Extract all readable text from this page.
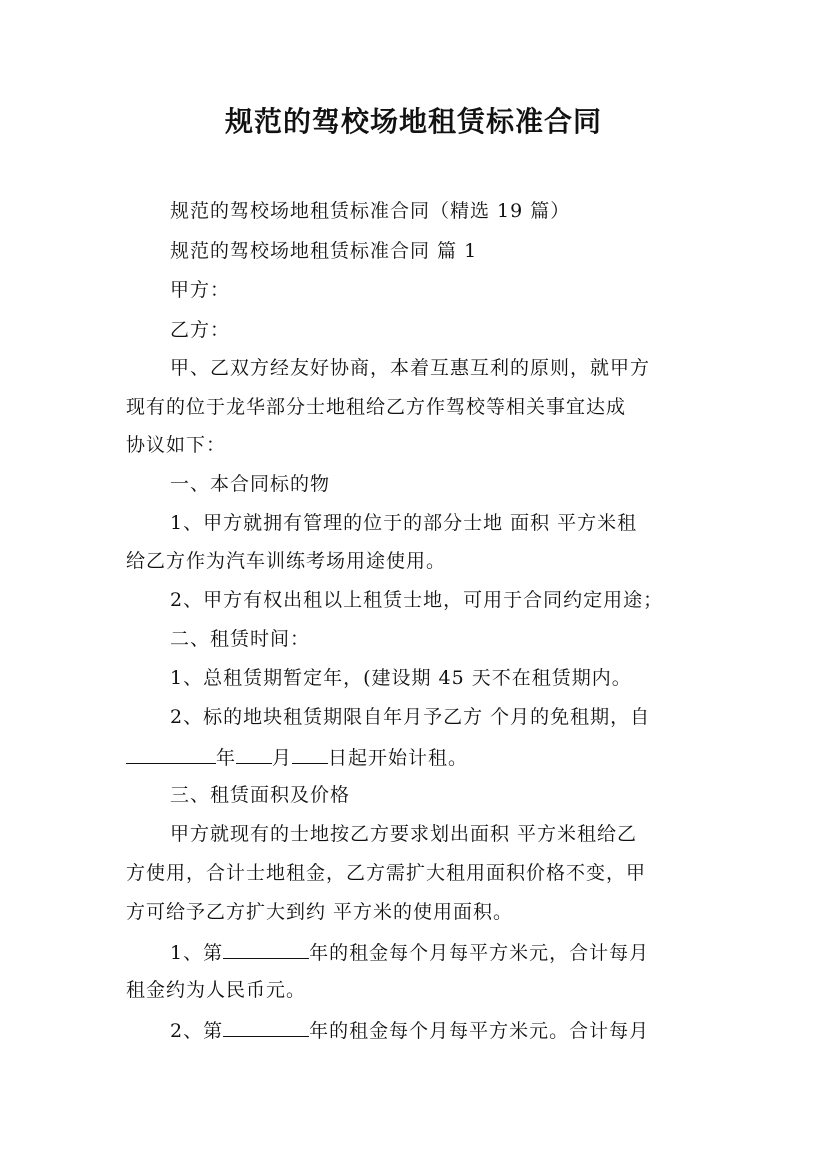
规范的驾校场地租赁标准合同
规范的驾校场地租赁标准合同（精选 19 篇）
规范的驾校场地租赁标准合同 篇 1
甲方：
乙方：
甲、乙双方经友好协商，本着互惠互利的原则，就甲方
现有的位于龙华部分士地租给乙方作驾校等相关事宜达成
协议如下：
一、本合同标的物
1、甲方就拥有管理的位于的部分士地 面积 平方米租
给乙方作为汽车训练考场用途使用。
2、甲方有权出租以上租赁士地，可用于合同约定用途；
二、租赁时间：
1、总租赁期暂定年，(建设期 45 天不在租赁期内。
2、标的地块租赁期限自年月予乙方 个月的免租期，自
年 月 日起开始计租。
三、租赁面积及价格
甲方就现有的士地按乙方要求划出面积 平方米租给乙
方使用，合计士地租金，乙方需扩大租用面积价格不变，甲
方可给予乙方扩大到约 平方米的使用面积。
1、第	年的租金每个月每平方米元，合计每月
租金约为人民币元。
2、第	年的租金每个月每平方米元。合计每月
